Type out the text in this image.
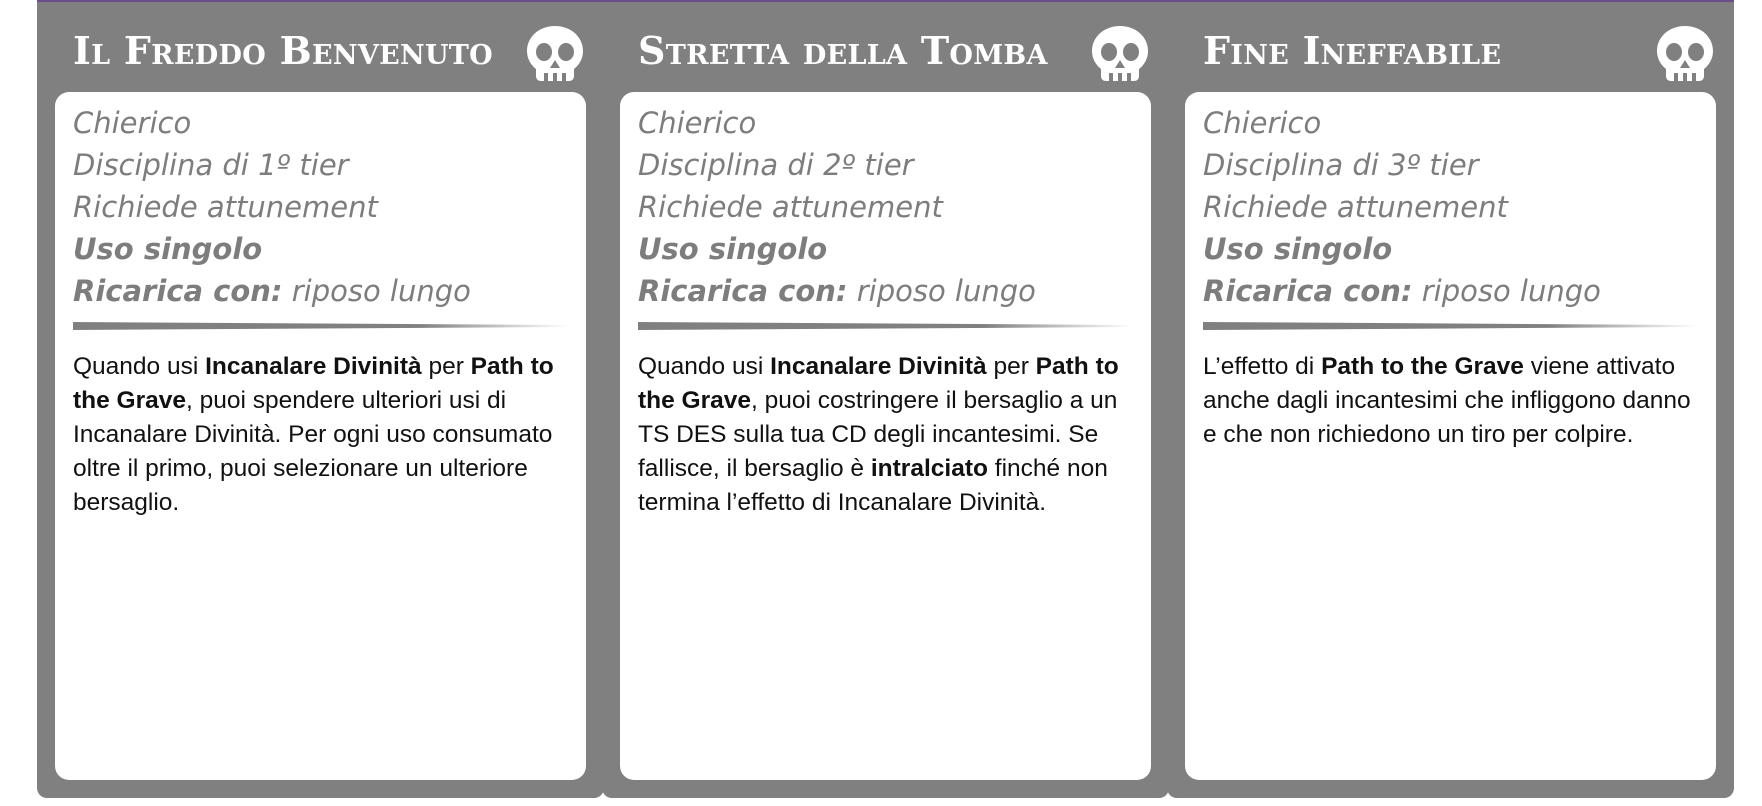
Il Freddo Benvenuto
Chierico
Disciplina di 1º tier
Richiede attunement
Uso singolo
Ricarica con: riposo lungo
Quando usi Incanalare Divinità per Path to the Grave, puoi spendere ulteriori usi di Incanalare Divinità. Per ogni uso consumato oltre il primo, puoi selezionare un ulteriore bersaglio.
Stretta della Tomba
Chierico
Disciplina di 2º tier
Richiede attunement
Uso singolo
Ricarica con: riposo lungo
Quando usi Incanalare Divinità per Path to the Grave, puoi costringere il bersaglio a un TS DES sulla tua CD degli incantesimi. Se fallisce, il bersaglio è intralciato finché non termina l’effetto di Incanalare Divinità.
Fine Ineffabile
Chierico
Disciplina di 3º tier
Richiede attunement
Uso singolo
Ricarica con: riposo lungo
L’effetto di Path to the Grave viene attivato anche dagli incantesimi che infliggono danno e che non richiedono un tiro per colpire.
